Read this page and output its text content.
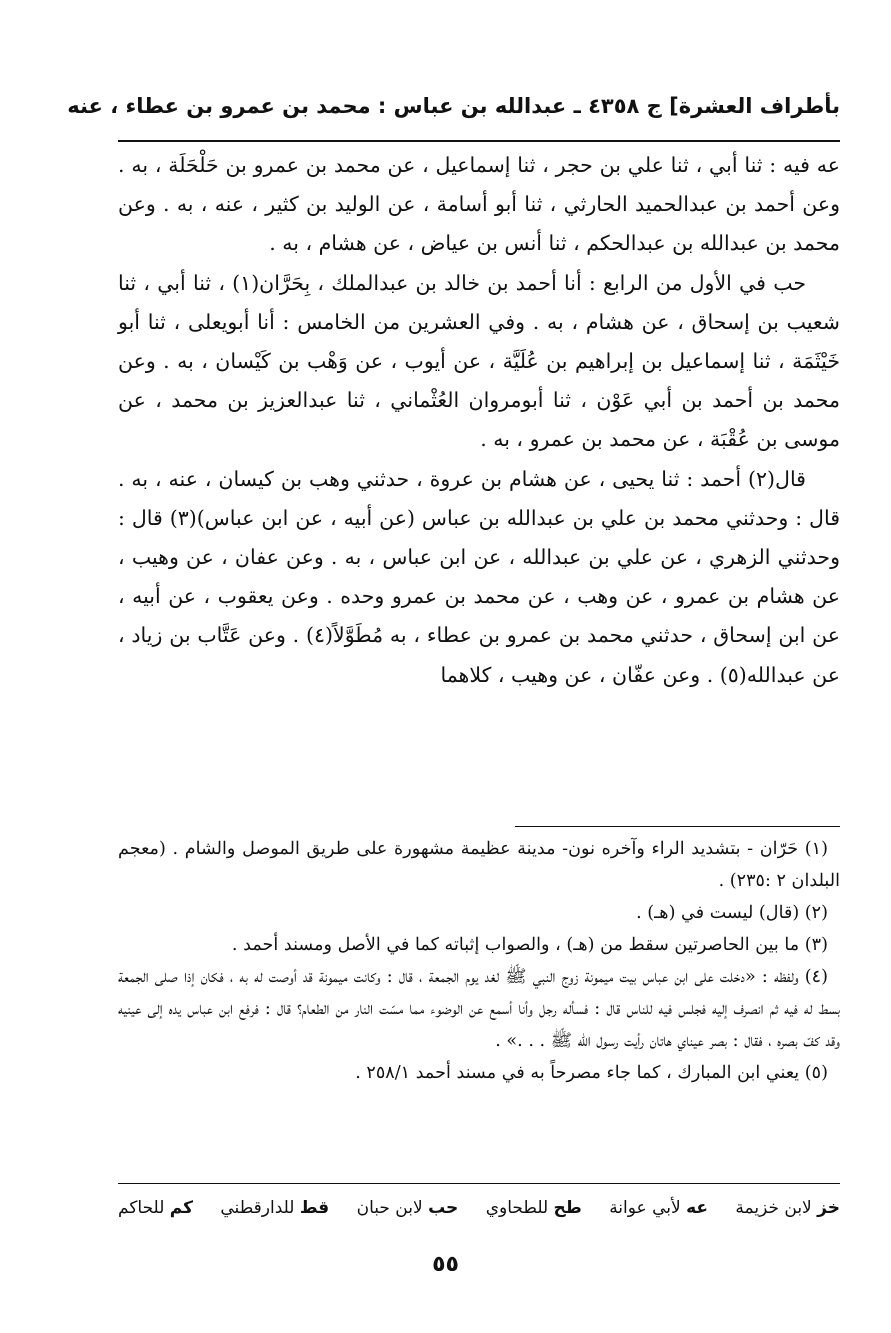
بأطراف العشرة] ج ٨
٤٣٥ ـ عبدالله بن عباس : محمد بن عمرو بن عطاء ، عنه

عه فيه : ثنا أبي ، ثنا علي بن حجر ، ثنا إسماعيل ، عن محمد بن عمرو بن حَلْحَلَة ، به . وعن أحمد بن عبدالحميد الحارثي ، ثنا أبو أسامة ، عن الوليد بن كثير ، عنه ، به . وعن محمد بن عبدالله بن عبدالحكم ، ثنا أنس بن عياض ، عن هشام ، به .

حب في الأول من الرابع : أنا أحمد بن خالد بن عبدالملك ، بِحَرَّان(١) ، ثنا أبي ، ثنا شعيب بن إسحاق ، عن هشام ، به . وفي العشرين من الخامس : أنا أبويعلى ، ثنا أبو خَيْثَمَة ، ثنا إسماعيل بن إبراهيم بن عُلَيَّة ، عن أيوب ، عن وَهْب بن كَيْسان ، به . وعن محمد بن أحمد بن أبي عَوْن ، ثنا أبومروان العُثْماني ، ثنا عبدالعزيز بن محمد ، عن موسى بن عُقْبَة ، عن محمد بن عمرو ، به .

قال(٢) أحمد : ثنا يحيى ، عن هشام بن عروة ، حدثني وهب بن كيسان ، عنه ، به . قال : وحدثني محمد بن علي بن عبدالله بن عباس (عن أبيه ، عن ابن عباس)(٣) قال : وحدثني الزهري ، عن علي بن عبدالله ، عن ابن عباس ، به . وعن عفان ، عن وهيب ، عن هشام بن عمرو ، عن وهب ، عن محمد بن عمرو وحده . وعن يعقوب ، عن أبيه ، عن ابن إسحاق ، حدثني محمد بن عمرو بن عطاء ، به مُطَوَّلاً(٤) . وعن عَتَّاب بن زياد ، عن عبدالله(٥) . وعن عفّان ، عن وهيب ، كلاهما

(١) حَرّان - بتشديد الراء وآخره نون- مدينة عظيمة مشهورة على طريق الموصل والشام . (معجم البلدان ٢ :٢٣٥) .

(٢) (قال) ليست في (هـ) .

(٣) ما بين الحاصرتين سقط من (هـ) ، والصواب إثباته كما في الأصل ومسند أحمد .

(٤) ولفظه : «دخلت على ابن عباس بيت ميمونة زوج النبي ﷺ لغد يوم الجمعة ، قال : وكانت ميمونة قد أوصت له به ، فكان إذا صلى الجمعة بسط له فيه ثم انصرف إليه فجلس فيه للناس قال : فسأله رجل وأنا أسمع عن الوضوء مما مسّت النار من الطعام؟ قال : فرفع ابن عباس يده إلى عينيه وقد كفّ بصره ، فقال : بصر عيناي هاتان رأيت رسول الله ﷺ . . .» .

(٥) يعني ابن المبارك ، كما جاء مصرحاً به في مسند أحمد ٢٥٨/١ .

خز لابن خزيمة
عه لأبي عوانة
طح للطحاوي
حب لابن حبان
قط للدارقطني
كم للحاكم
٥٥
